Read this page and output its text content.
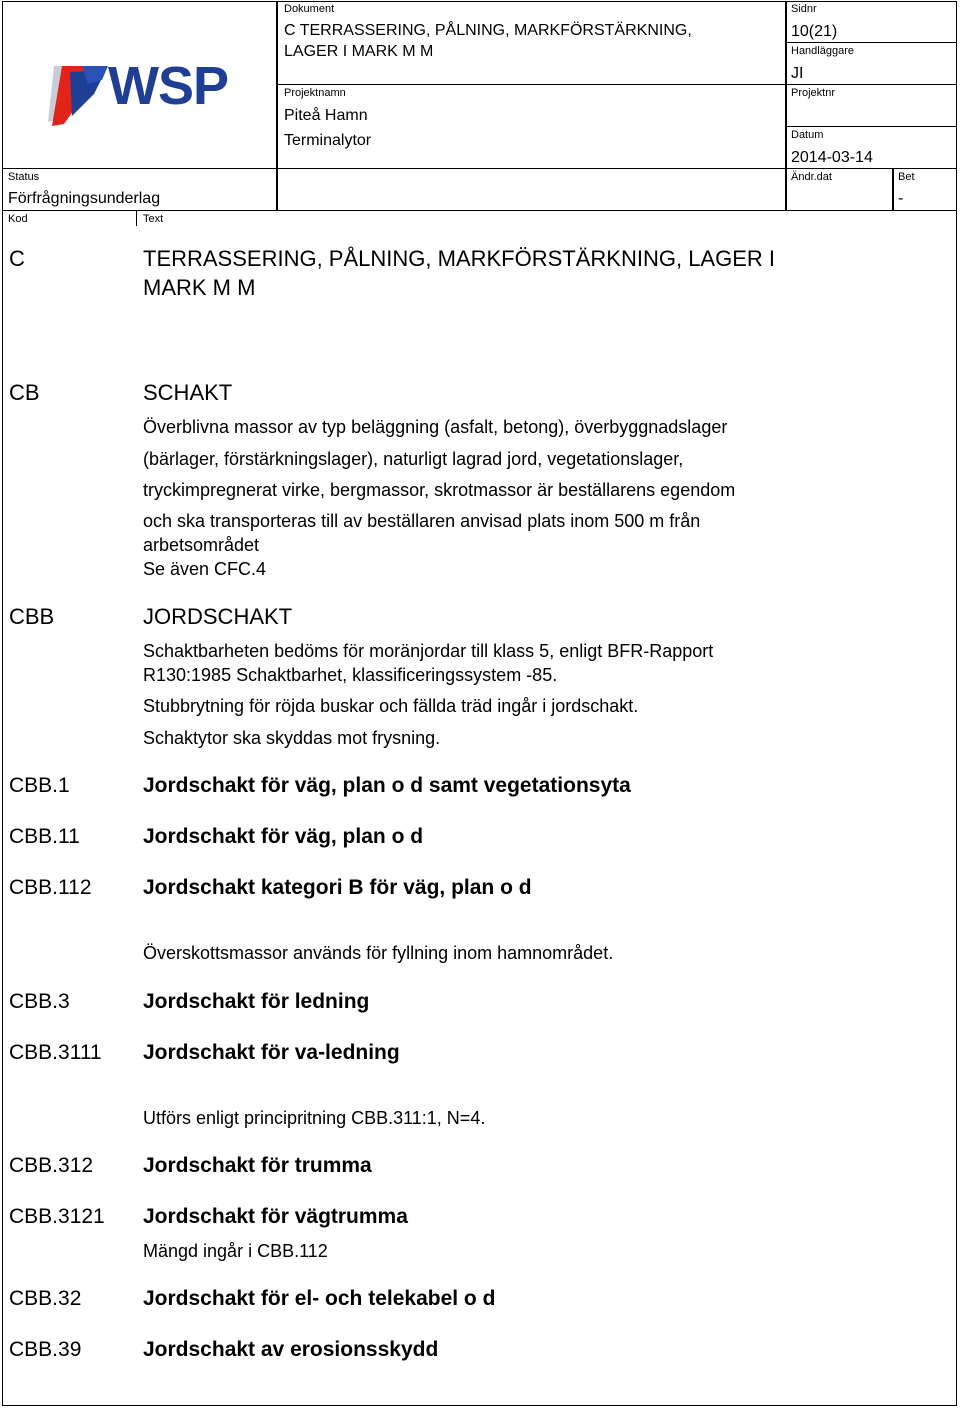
WSP
Dokument
C TERRASSERING, PÅLNING, MARKFÖRSTÄRKNING,
LAGER I MARK M M
Sidnr
10(21)
Handläggare
JI
Projektnamn
Piteå Hamn
Terminalytor
Projektnr
Datum
2014-03-14
Status
Förfrågningsunderlag
Ändr.dat	Bet
-
Kod	Text
C	TERRASSERING, PÅLNING, MARKFÖRSTÄRKNING, LAGER I
MARK M M
CB	SCHAKT
Överblivna massor av typ beläggning (asfalt, betong), överbyggnadslager
(bärlager, förstärkningslager), naturligt lagrad jord, vegetationslager,
tryckimpregnerat virke, bergmassor, skrotmassor är beställarens egendom
och ska transporteras till av beställaren anvisad plats inom 500 m från
arbetsområdet
Se även CFC.4
CBB	JORDSCHAKT
Schaktbarheten bedöms för moränjordar till klass 5, enligt BFR-Rapport
R130:1985 Schaktbarhet, klassificeringssystem -85.
Stubbrytning för röjda buskar och fällda träd ingår i jordschakt.
Schaktytor ska skyddas mot frysning.
CBB.1	Jordschakt för väg, plan o d samt vegetationsyta
CBB.11	Jordschakt för väg, plan o d
CBB.112 Jordschakt kategori B för väg, plan o d
Överskottsmassor används för fyllning inom hamnområdet.
CBB.3	Jordschakt för ledning
CBB.3111 Jordschakt för va-ledning
Utförs enligt principritning CBB.311:1, N=4.
CBB.312 Jordschakt för trumma
CBB.3121 Jordschakt för vägtrumma
Mängd ingår i CBB.112
CBB.32	Jordschakt för el- och telekabel o d
CBB.39	Jordschakt av erosionsskydd
